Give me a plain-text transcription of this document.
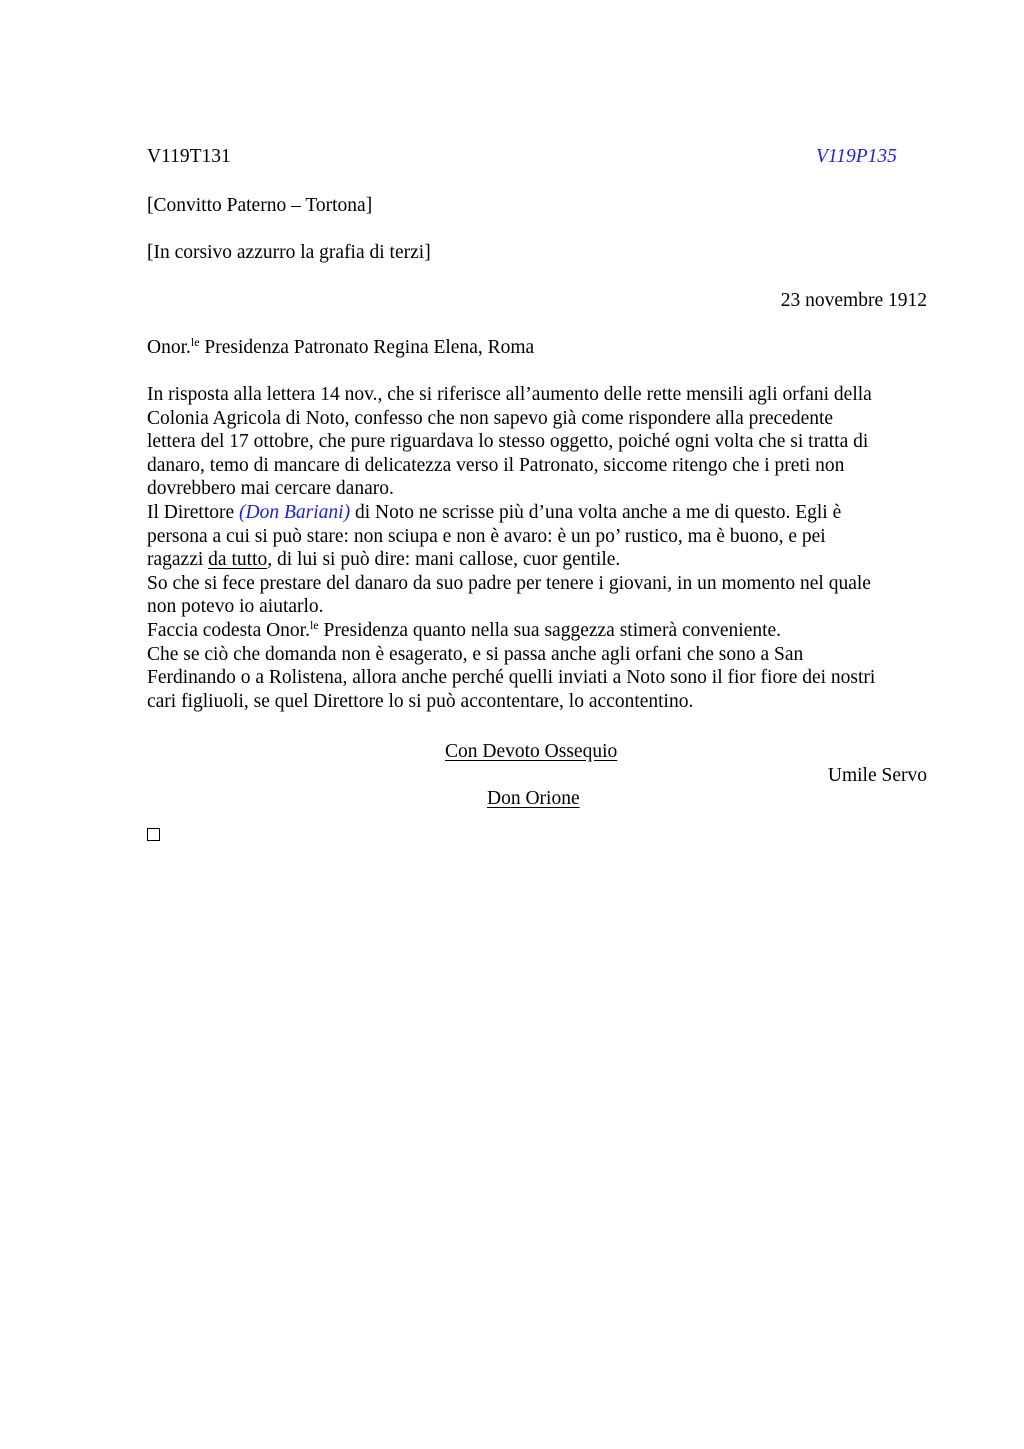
V119T131	V119P135
[Convitto Paterno – Tortona]
[In corsivo azzurro la grafia di terzi]
23 novembre 1912
Onor.$^{le}$ Presidenza Patronato Regina Elena, Roma
In risposta alla lettera 14 nov., che si riferisce all’aumento delle rette mensili agli orfani della
Colonia Agricola di Noto, confesso che non sapevo già come rispondere alla precedente
lettera del 17 ottobre, che pure riguardava lo stesso oggetto, poiché ogni volta che si tratta di
danaro, temo di mancare di delicatezza verso il Patronato, siccome ritengo che i preti non
dovrebbero mai cercare danaro.
Il Direttore (Don Bariani) di Noto ne scrisse più d’una volta anche a me di questo. Egli è
persona a cui si può stare: non sciupa e non è avaro: è un po’ rustico, ma è buono, e pei
ragazzi da tutto, di lui si può dire: mani callose, cuor gentile.
So che si fece prestare del danaro da suo padre per tenere i giovani, in un momento nel quale
non potevo io aiutarlo.
Faccia codesta Onor.$^{le}$ Presidenza quanto nella sua saggezza stimerà conveniente.
Che se ciò che domanda non è esagerato, e si passa anche agli orfani che sono a San
Ferdinando o a Rolistena, allora anche perché quelli inviati a Noto sono il fior fiore dei nostri
cari figliuoli, se quel Direttore lo si può accontentare, lo accontentino.
Con Devoto Ossequio
Umile Servo
Don Orione
